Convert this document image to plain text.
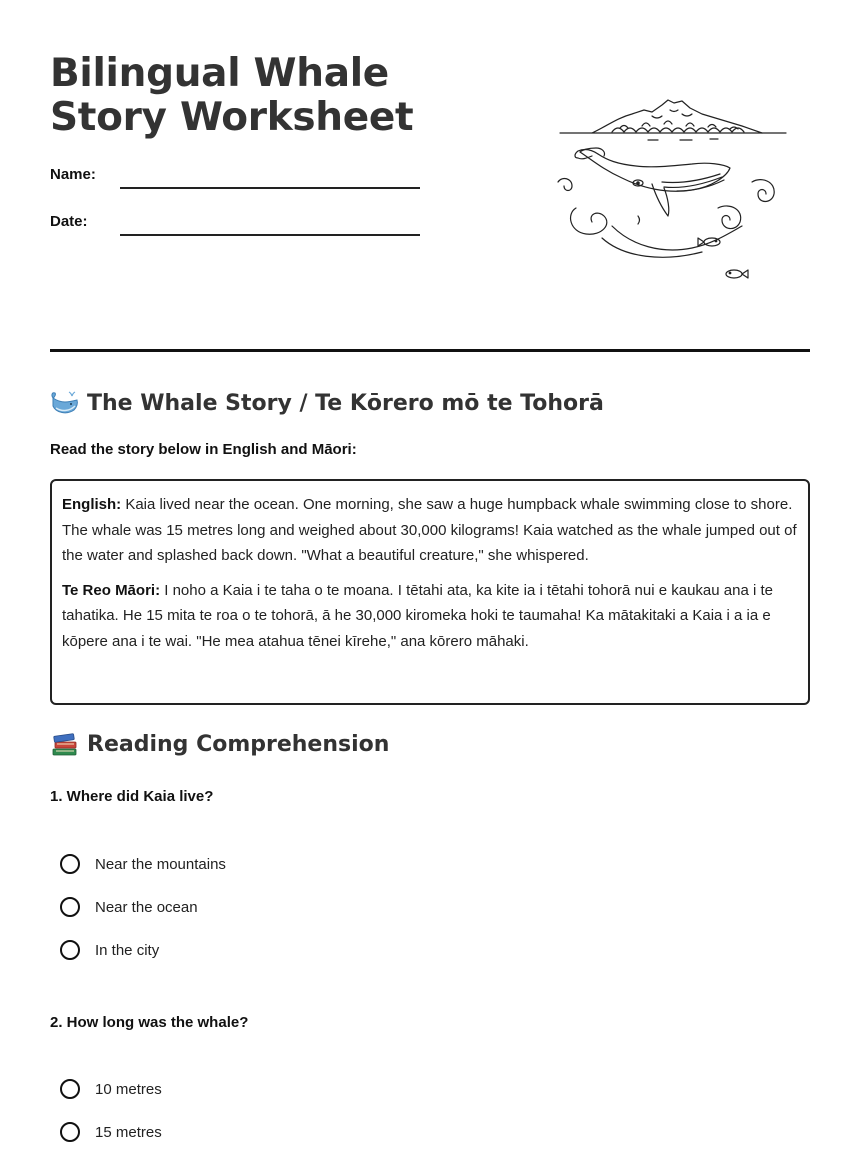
Bilingual Whale Story Worksheet
Name:
Date:
The Whale Story / Te Kōrero mō te Tohorā
Read the story below in English and Māori:

English: Kaia lived near the ocean. One morning, she saw a huge humpback whale swimming close to shore. The whale was 15 metres long and weighed about 30,000 kilograms! Kaia watched as the whale jumped out of the water and splashed back down. "What a beautiful creature," she whispered.

Te Reo Māori: I noho a Kaia i te taha o te moana. I tētahi ata, ka kite ia i tētahi tohorā nui e kaukau ana i te tahatika. He 15 mita te roa o te tohorā, ā he 30,000 kiromeka hoki te taumaha! Ka mātakitaki a Kaia i a ia e kōpere ana i te wai. "He mea atahua tēnei kīrehe," ana kōrero māhaki.

Reading Comprehension
1. Where did Kaia live?
Near the mountains
Near the ocean
In the city
2. How long was the whale?
10 metres
15 metres
